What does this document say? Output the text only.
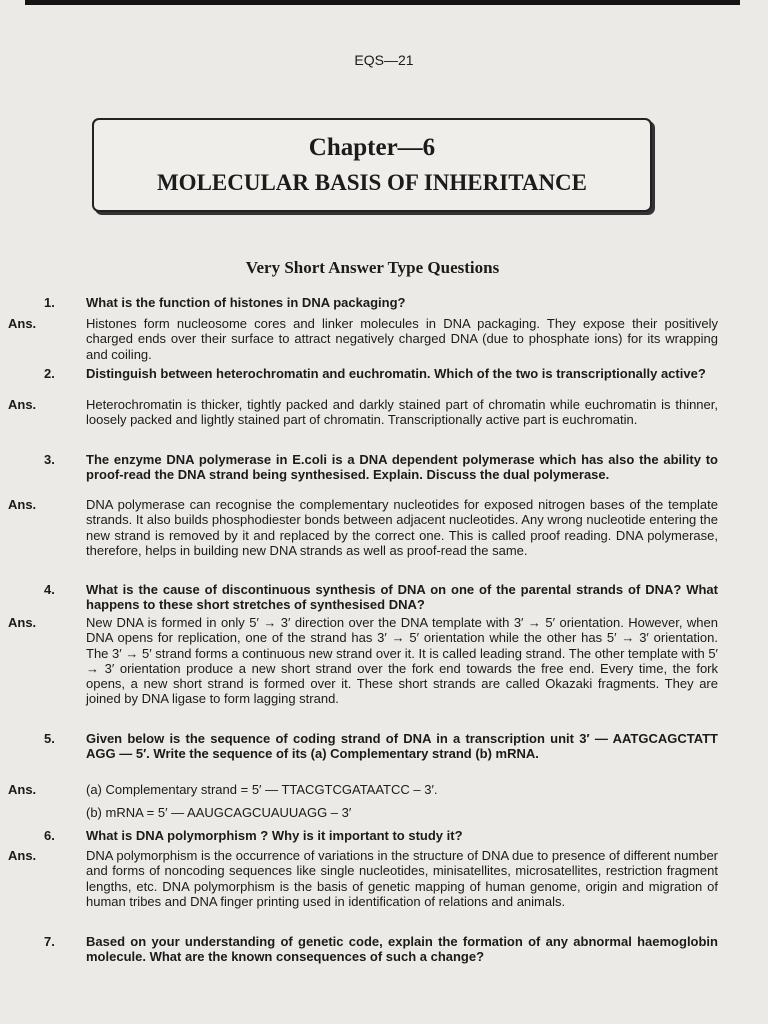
EQS—21
Chapter—6
MOLECULAR BASIS OF INHERITANCE
Very Short Answer Type Questions
1. What is the function of histones in DNA packaging?
Ans.	Histones form nucleosome cores and linker molecules in DNA packaging. They expose their positively charged ends over their surface to attract negatively charged DNA (due to phosphate ions) for its wrapping and coiling.
2. Distinguish between heterochromatin and euchromatin. Which of the two is transcriptionally active?
Ans.	Heterochromatin is thicker, tightly packed and darkly stained part of chromatin while euchromatin is thinner, loosely packed and lightly stained part of chromatin. Transcriptionally active part is euchromatin.
3. The enzyme DNA polymerase in E.coli is a DNA dependent polymerase which has also the ability to proof-read the DNA strand being synthesised. Explain. Discuss the dual polymerase.
Ans.	DNA polymerase can recognise the complementary nucleotides for exposed nitrogen bases of the template strands. It also builds phosphodiester bonds between adjacent nucleotides. Any wrong nucleotide entering the new strand is removed by it and replaced by the correct one. This is called proof reading. DNA polymerase, therefore, helps in building new DNA strands as well as proof-read the same.
4. What is the cause of discontinuous synthesis of DNA on one of the parental strands of DNA? What happens to these short stretches of synthesised DNA?
Ans.	New DNA is formed in only 5′ → 3′ direction over the DNA template with 3′ → 5′ orientation. However, when DNA opens for replication, one of the strand has 3′ → 5′ orientation while the other has 5′ → 3′ orientation. The 3′ → 5′ strand forms a continuous new strand over it. It is called leading strand. The other template with 5′ → 3′ orientation produce a new short strand over the fork end towards the free end. Every time, the fork opens, a new short strand is formed over it. These short strands are called Okazaki fragments. They are joined by DNA ligase to form lagging strand.
5. Given below is the sequence of coding strand of DNA in a transcription unit 3′ — AATGCAGCTATT AGG — 5′. Write the sequence of its (a) Complementary strand (b) mRNA.
Ans.	(a) Complementary strand = 5′ — TTACGTCGATAATCC – 3′.
(b) mRNA = 5′ — AAUGCAGCUAUUAGG – 3′
6. What is DNA polymorphism ? Why is it important to study it?
Ans.	DNA polymorphism is the occurrence of variations in the structure of DNA due to presence of different number and forms of noncoding sequences like single nucleotides, minisatellites, microsatellites, restriction fragment lengths, etc. DNA polymorphism is the basis of genetic mapping of human genome, origin and migration of human tribes and DNA finger printing used in identification of relations and animals.
7. Based on your understanding of genetic code, explain the formation of any abnormal haemoglobin molecule. What are the known consequences of such a change?
